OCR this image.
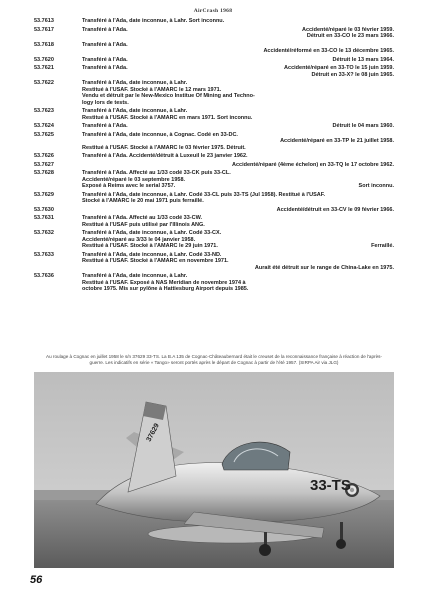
AirCrash 1968
53.7613	Transféré à l'Ada, date inconnue, à Lahr. Sort inconnu.
53.7617	Transféré à l'Ada.	Accidenté/réparé le 03 février 1959.
Détruit en 33-CO le 23 mars 1966.
53.7618	Transféré à l'Ada.
Accidenté/réformé en 33-CO le 13 décembre 1965.
53.7620	Transféré à l'Ada.	Détruit le 13 mars 1964.
53.7621	Transféré à l'Ada.	Accidenté/réparé en 33-TO le 15 juin 1959.
Détruit en 33-X? le 08 juin 1965.
53.7622	Transféré à l'Ada, date inconnue, à Lahr.
Restitué à l'USAF. Stocké à l'AMARC le 12 mars 1971.
Vendu et détruit par le New-Mexico Institue Of Mining and Techno-
logy lors de tests.
53.7623	Transféré à l'Ada, date inconnue, à Lahr.
Restitué à l'USAF. Stocké à l'AMARC en mars 1971. Sort inconnu.
53.7624	Transféré à l'Ada.	Détruit le 04 mars 1960.
53.7625	Transféré à l'Ada, date inconnue, à Cognac. Codé en 33-DC.
Accidenté/réparé en 33-TP le 21 juillet 1958.
Restitué à l'USAF. Stocké à l'AMARC le 03 février 1975. Détruit.
53.7626	Transféré à l'Ada. Accidenté/détruit à Luxeuil le 23 janvier 1962.
53.7627	Accidenté/réparé (4ème échelon) en 33-TQ le 17 octobre 1962.
53.7628	Transféré à l'Ada. Affecté au 1/33 codé 33-CK puis 33-CL.
Accidenté/réparé le 03 septembre 1958.
Exposé à Reims avec le serial 3757.	Sort inconnu.
53.7629	Transféré à l'Ada, date inconnue, à Lahr. Codé 33-CL puis 33-TS (Jul 1958). Restitué à l'USAF.
Stocké à l'AMARC le 20 mai 1971 puis ferraillé.
53.7630	Accidenté/détruit en 33-CV le 09 février 1966.
53.7631	Transféré à l'Ada. Affecté au 1/33 codé 33-CW.
Restitué à l'USAF puis utilisé par l'Illinois ANG.
53.7632	Transféré à l'Ada, date inconnue, à Lahr. Codé 33-CX.
Accidenté/réparé au 3/33 le 04 janvier 1958.
Restitué à l'USAF. Stocké à l'AMARC le 29 juin 1971.	Ferraillé.
53.7633	Transféré à l'Ada, date inconnue, à Lahr. Codé 33-ND.
Restitué à l'USAF. Stocké à l'AMARC en novembre 1971.
Aurait été détruit sur le range de China-Lake en 1975.
53.7636	Transféré à l'Ada, date inconnue, à Lahr.
Restitué à l'USAF. Exposé à NAS Meridian de novembre 1974 à
octobre 1975. Mis sur pylône à Hattiesburg Airport depuis 1985.
Au roulage à Cognac en juillet 1958 le s/n 37629 33-TS. La B.A 135 de Cognac-Châteaubernard était le creuset de la reconnaissance française à réaction de l'après-
guerre. Les indicatifs en série « Tango» seront portés après le départ de Cognac à partir de l'été 1957. (SIRPA Air via JLG)
33-TS
37629
56
